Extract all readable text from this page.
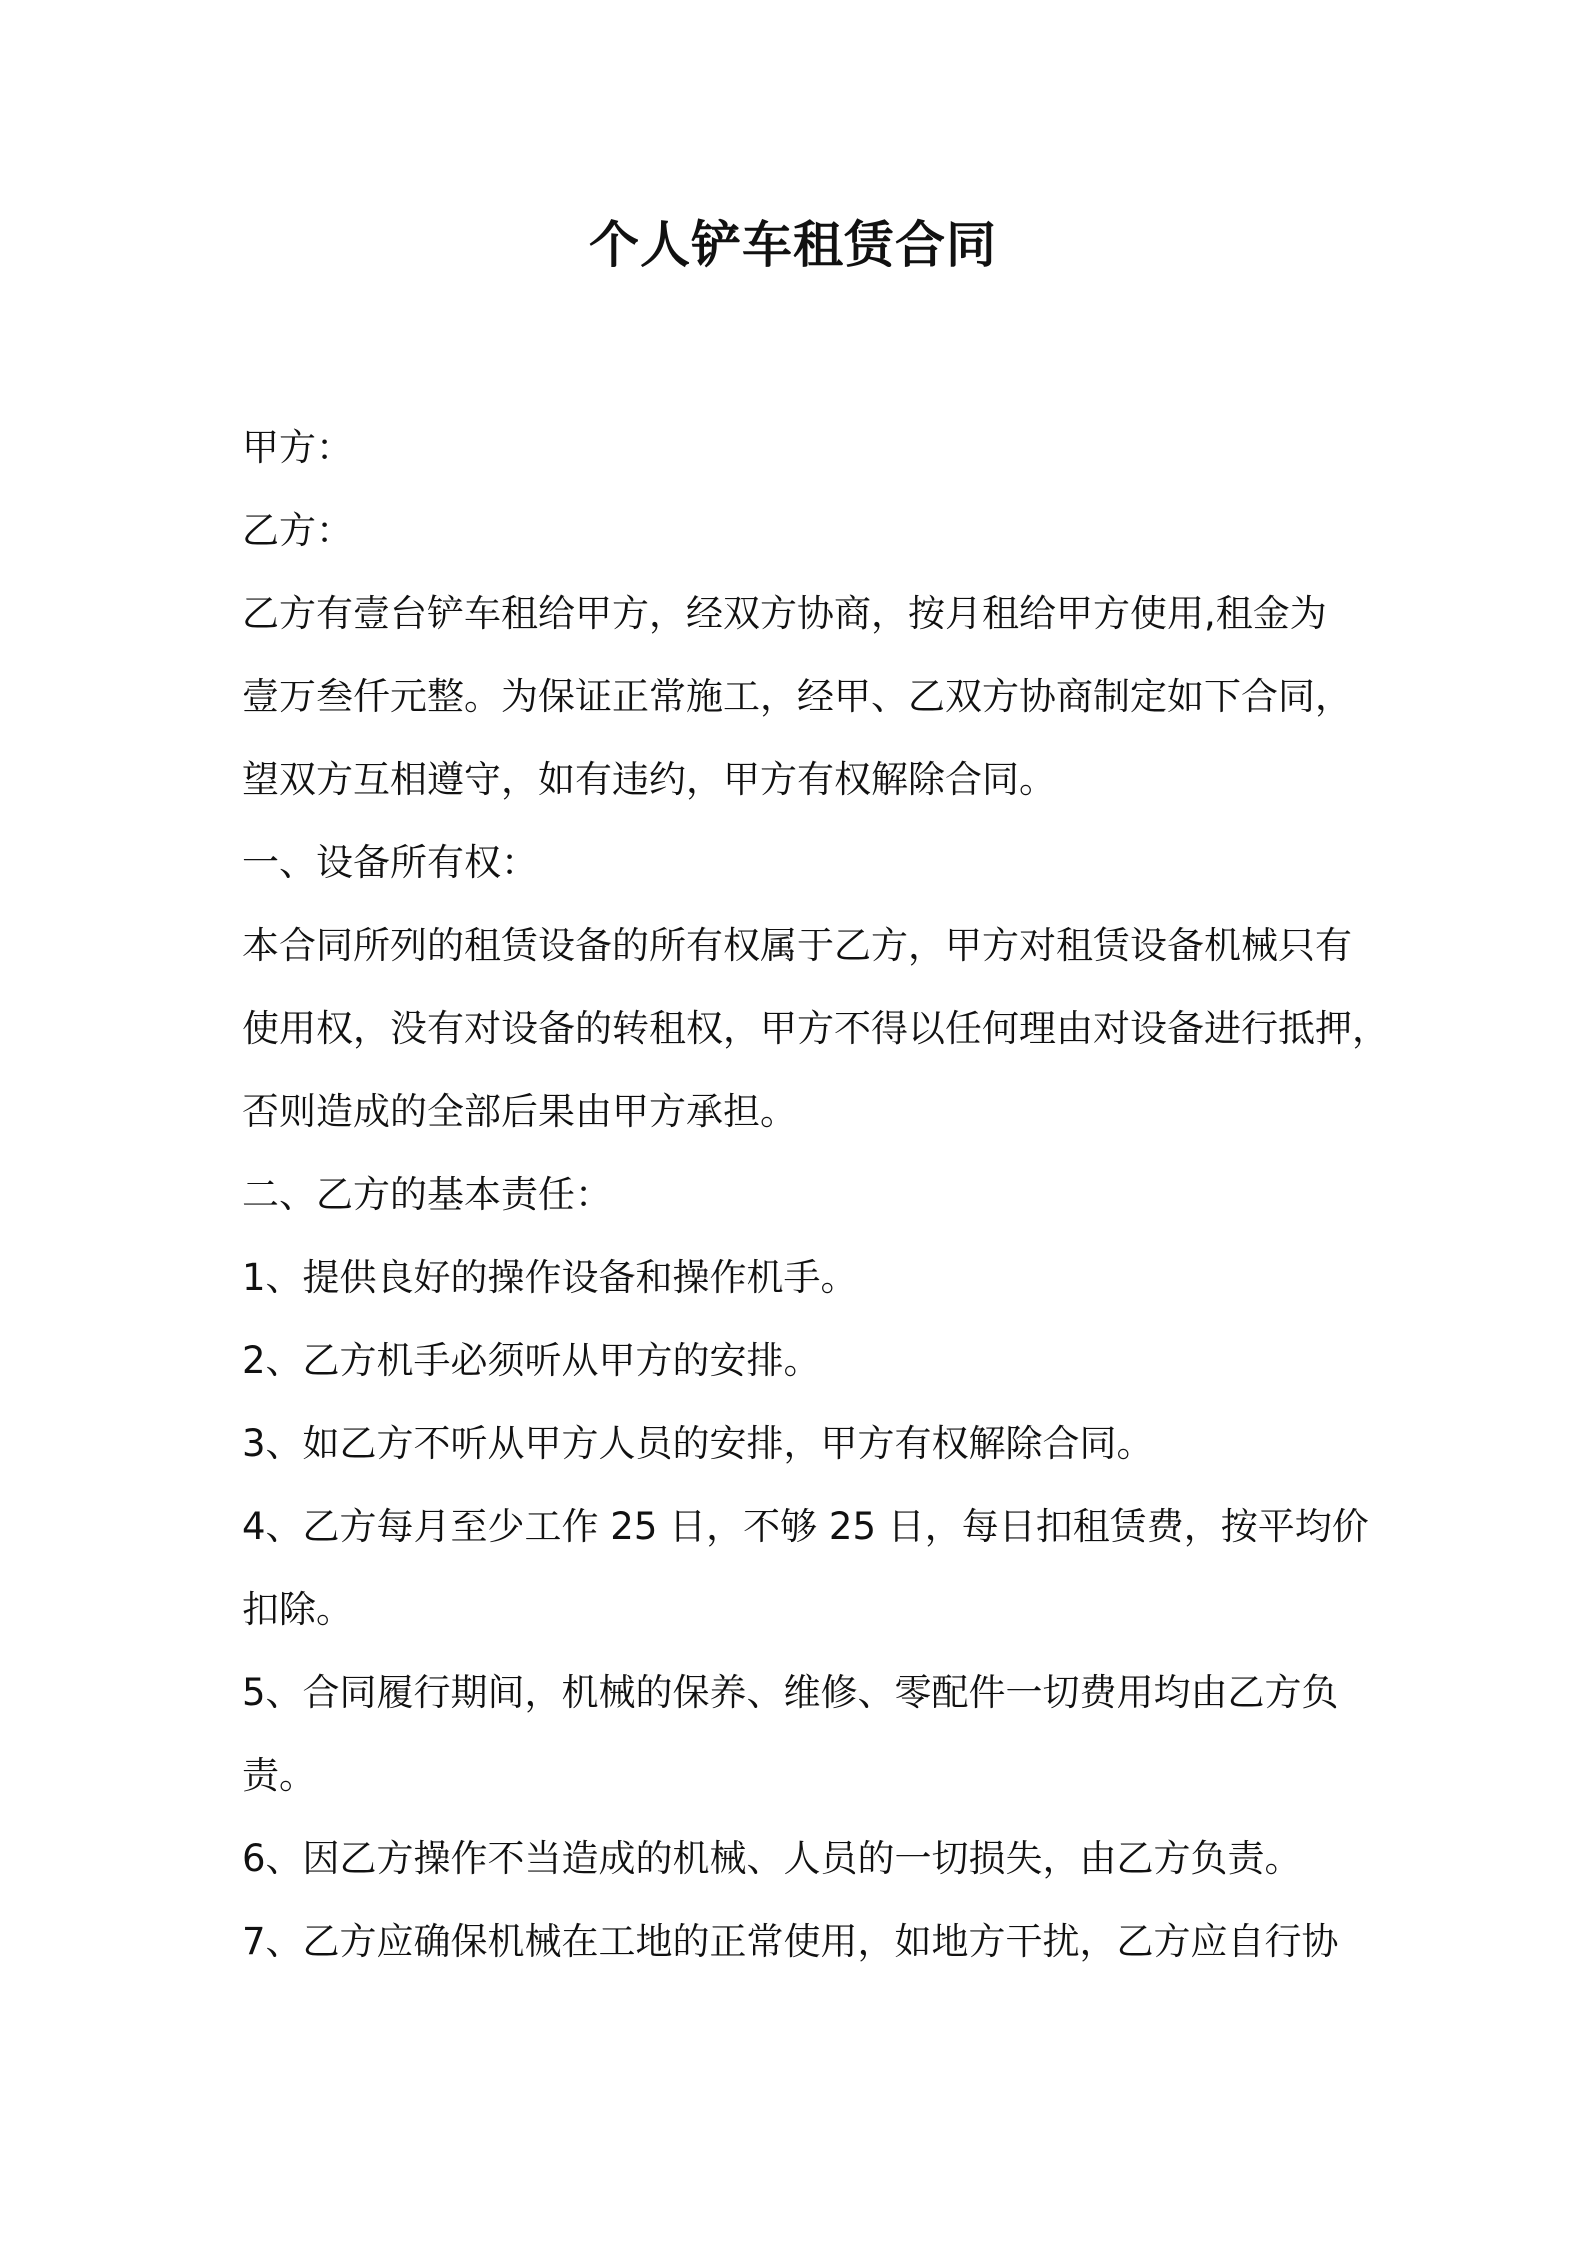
个人铲车租赁合同
甲方：
乙方：
乙方有壹台铲车租给甲方，经双方协商，按月租给甲方使用,租金为
壹万叁仟元整。为保证正常施工，经甲、乙双方协商制定如下合同，
望双方互相遵守，如有违约，甲方有权解除合同。
一、设备所有权：
本合同所列的租赁设备的所有权属于乙方，甲方对租赁设备机械只有
使用权，没有对设备的转租权，甲方不得以任何理由对设备进行抵押，
否则造成的全部后果由甲方承担。
二、乙方的基本责任：
1、提供良好的操作设备和操作机手。
2、乙方机手必须听从甲方的安排。
3、如乙方不听从甲方人员的安排，甲方有权解除合同。
4、乙方每月至少工作 25 日，不够 25 日，每日扣租赁费，按平均价
扣除。
5、合同履行期间，机械的保养、维修、零配件一切费用均由乙方负
责。
6、因乙方操作不当造成的机械、人员的一切损失，由乙方负责。
7、乙方应确保机械在工地的正常使用，如地方干扰，乙方应自行协
